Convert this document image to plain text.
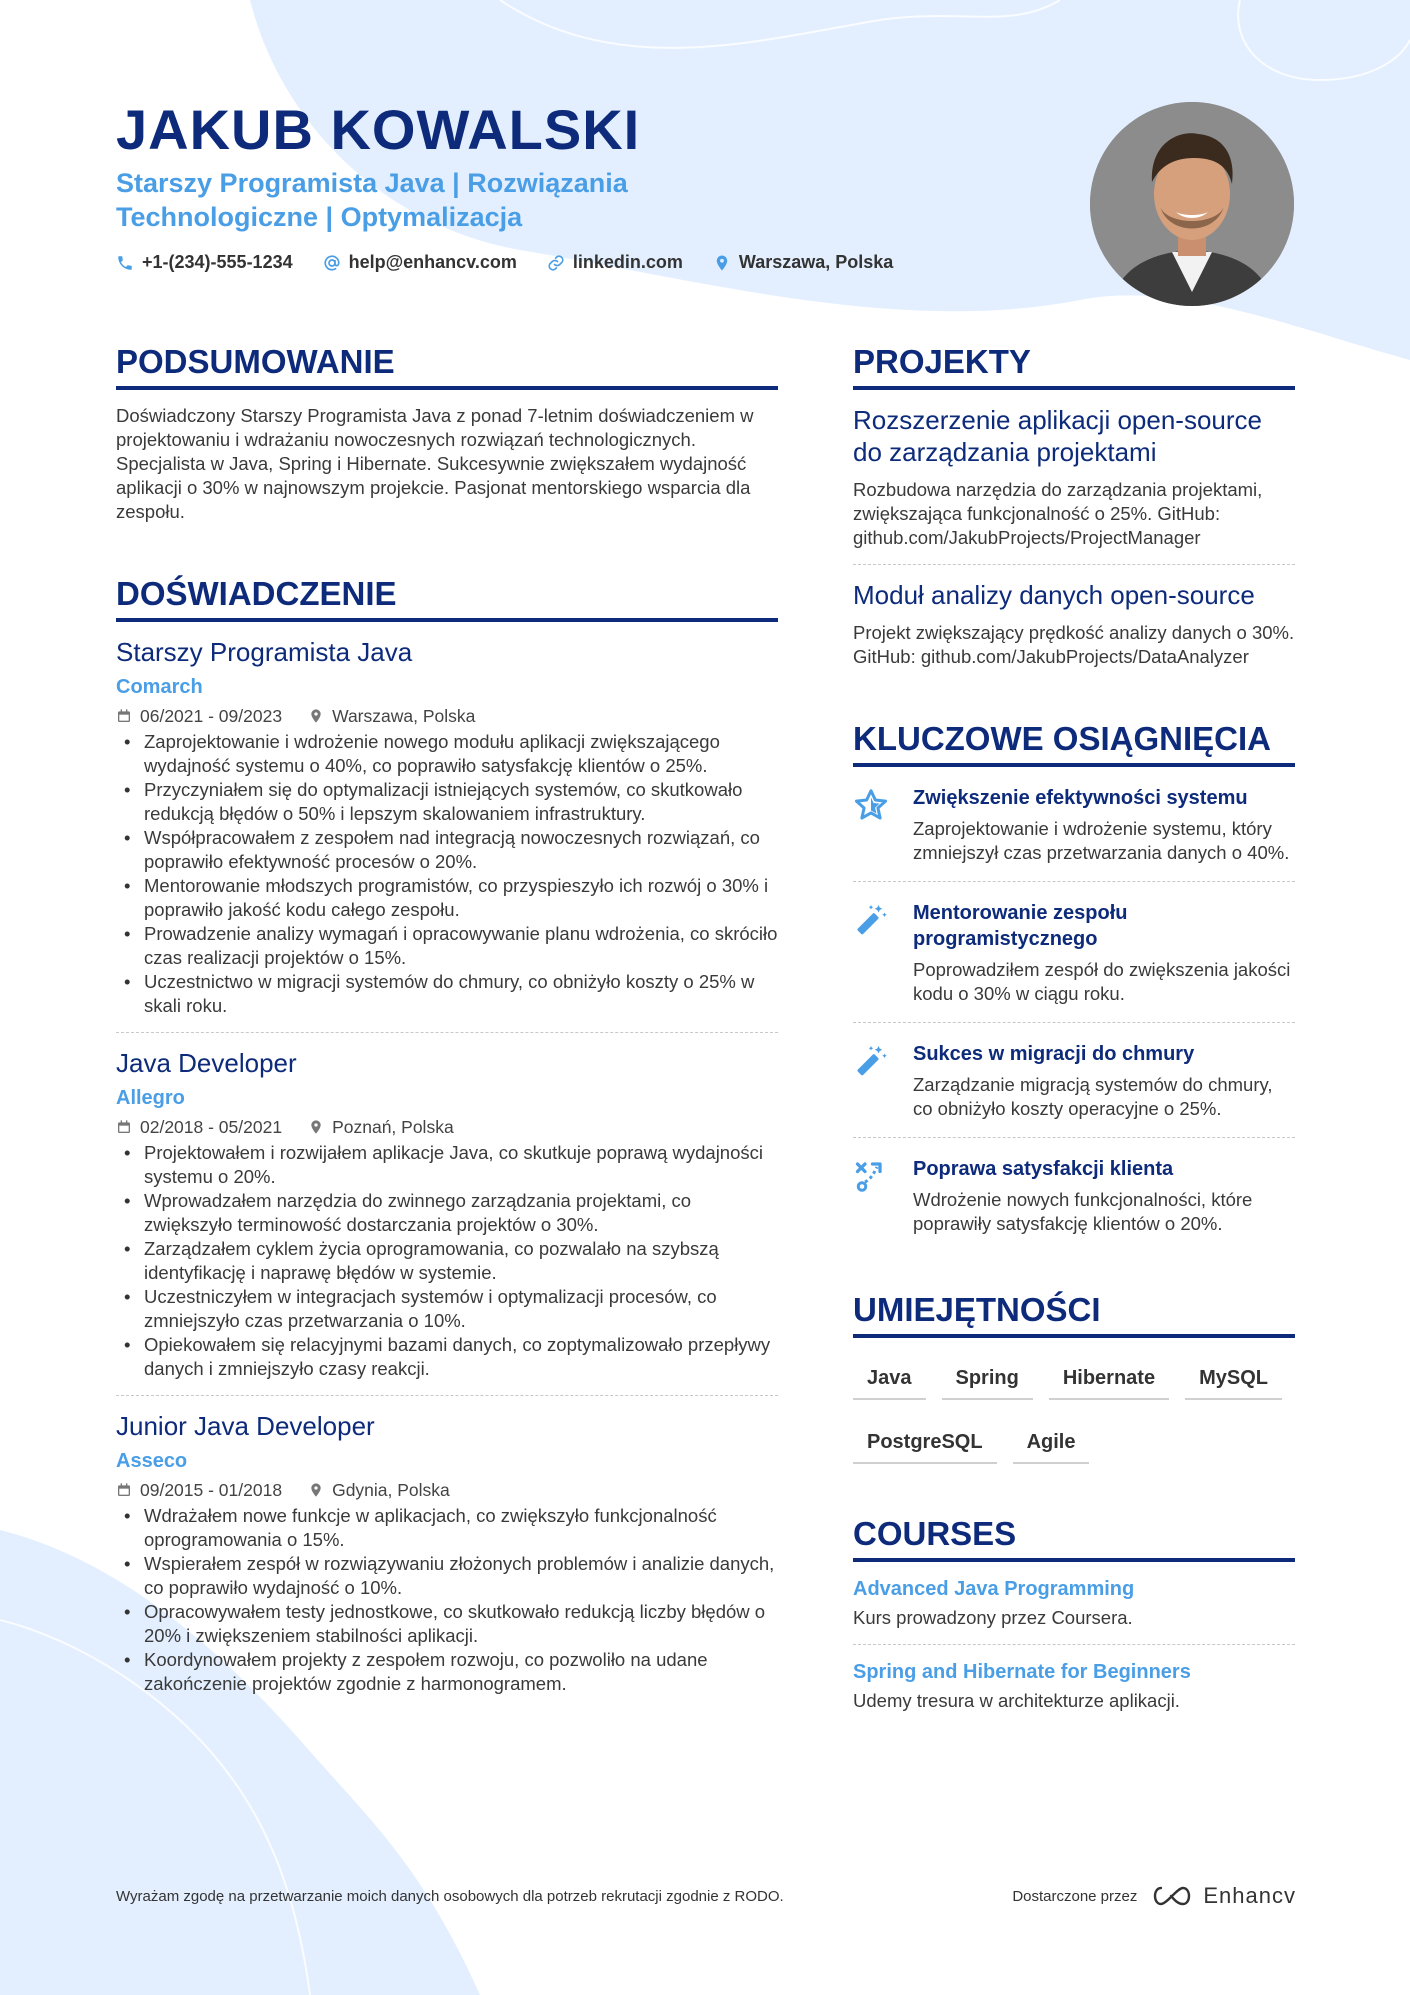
JAKUB KOWALSKI
Starszy Programista Java | Rozwiązania Technologiczne | Optymalizacja
+1-(234)-555-1234	help@enhancv.com	linkedin.com	Warszawa, Polska
PODSUMOWANIE

Doświadczony Starszy Programista Java z ponad 7-letnim doświadczeniem w projektowaniu i wdrażaniu nowoczesnych rozwiązań technologicznych. Specjalista w Java, Spring i Hibernate. Sukcesywnie zwiększałem wydajność aplikacji o 30% w najnowszym projekcie. Pasjonat mentorskiego wsparcia dla zespołu.

DOŚWIADCZENIE
Starszy Programista Java
Comarch
06/2021 - 09/2023	Warszawa, Polska
• Zaprojektowanie i wdrożenie nowego modułu aplikacji zwiększającego wydajność systemu o 40%, co poprawiło satysfakcję klientów o 25%.
• Przyczyniałem się do optymalizacji istniejących systemów, co skutkowało redukcją błędów o 50% i lepszym skalowaniem infrastruktury.
• Współpracowałem z zespołem nad integracją nowoczesnych rozwiązań, co poprawiło efektywność procesów o 20%.
• Mentorowanie młodszych programistów, co przyspieszyło ich rozwój o 30% i poprawiło jakość kodu całego zespołu.
• Prowadzenie analizy wymagań i opracowywanie planu wdrożenia, co skróciło czas realizacji projektów o 15%.
• Uczestnictwo w migracji systemów do chmury, co obniżyło koszty o 25% w skali roku.
Java Developer
Allegro
02/2018 - 05/2021	Poznań, Polska
• Projektowałem i rozwijałem aplikacje Java, co skutkuje poprawą wydajności systemu o 20%.
• Wprowadzałem narzędzia do zwinnego zarządzania projektami, co zwiększyło terminowość dostarczania projektów o 30%.
• Zarządzałem cyklem życia oprogramowania, co pozwalało na szybszą identyfikację i naprawę błędów w systemie.
• Uczestniczyłem w integracjach systemów i optymalizacji procesów, co zmniejszyło czas przetwarzania o 10%.
• Opiekowałem się relacyjnymi bazami danych, co zoptymalizowało przepływy danych i zmniejszyło czasy reakcji.
Junior Java Developer
Asseco
09/2015 - 01/2018	Gdynia, Polska
• Wdrażałem nowe funkcje w aplikacjach, co zwiększyło funkcjonalność oprogramowania o 15%.
• Wspierałem zespół w rozwiązywaniu złożonych problemów i analizie danych, co poprawiło wydajność o 10%.
• Opracowywałem testy jednostkowe, co skutkowało redukcją liczby błędów o 20% i zwiększeniem stabilności aplikacji.
• Koordynowałem projekty z zespołem rozwoju, co pozwoliło na udane zakończenie projektów zgodnie z harmonogramem.
PROJEKTY
Rozszerzenie aplikacji open-source do zarządzania projektami

Rozbudowa narzędzia do zarządzania projektami, zwiększająca funkcjonalność o 25%. GitHub: github.com/JakubProjects/ProjectManager

Moduł analizy danych open-source

Projekt zwiększający prędkość analizy danych o 30%. GitHub: github.com/JakubProjects/DataAnalyzer

KLUCZOWE OSIĄGNIĘCIA
Zwiększenie efektywności systemu

Zaprojektowanie i wdrożenie systemu, który zmniejszył czas przetwarzania danych o 40%.

Mentorowanie zespołu programistycznego

Poprowadziłem zespół do zwiększenia jakości kodu o 30% w ciągu roku.

Sukces w migracji do chmury

Zarządzanie migracją systemów do chmury, co obniżyło koszty operacyjne o 25%.

Poprawa satysfakcji klienta

Wdrożenie nowych funkcjonalności, które poprawiły satysfakcję klientów o 20%.

UMIEJĘTNOŚCI
Java	Spring	Hibernate	MySQL
PostgreSQL	Agile
COURSES
Advanced Java Programming

Kurs prowadzony przez Coursera.

Spring and Hibernate for Beginners

Udemy tresura w architekturze aplikacji.

Wyrażam zgodę na przetwarzanie moich danych osobowych dla potrzeb rekrutacji zgodnie z RODO.	Dostarczone przez	Enhancv
